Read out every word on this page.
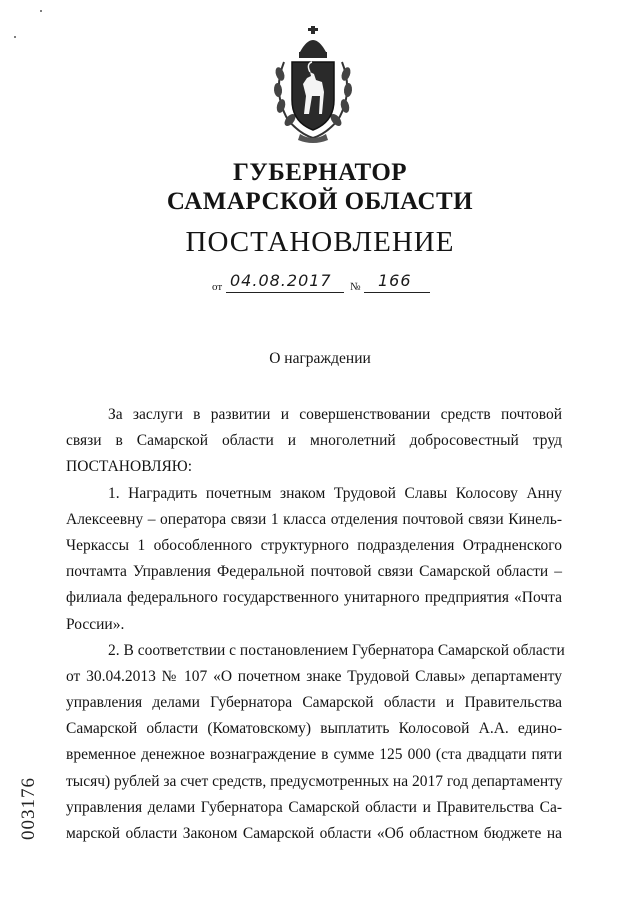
ГУБЕРНАТОР
САМАРСКОЙ ОБЛАСТИ
ПОСТАНОВЛЕНИЕ
от 04.08.2017 № 166
О награждении
За заслуги в развитии и совершенствовании средств почтовой
связи в Самарской области и многолетний добросовестный труд
ПОСТАНОВЛЯЮ:
1. Наградить почетным знаком Трудовой Славы Колосову Анну
Алексеевну – оператора связи 1 класса отделения почтовой связи Кинель-
Черкассы 1 обособленного структурного подразделения Отрадненского
почтамта Управления Федеральной почтовой связи Самарской области –
филиала федерального государственного унитарного предприятия «Почта
России».
2. В соответствии с постановлением Губернатора Самарской области
от 30.04.2013 № 107 «О почетном знаке Трудовой Славы» департаменту
управления делами Губернатора Самарской области и Правительства
Самарской области (Коматовскому) выплатить Колосовой А.А. едино-
временное денежное вознаграждение в сумме 125 000 (ста двадцати пяти
тысяч) рублей за счет средств, предусмотренных на 2017 год департаменту
управления делами Губернатора Самарской области и Правительства Са-
марской области Законом Самарской области «Об областном бюджете на
003176
